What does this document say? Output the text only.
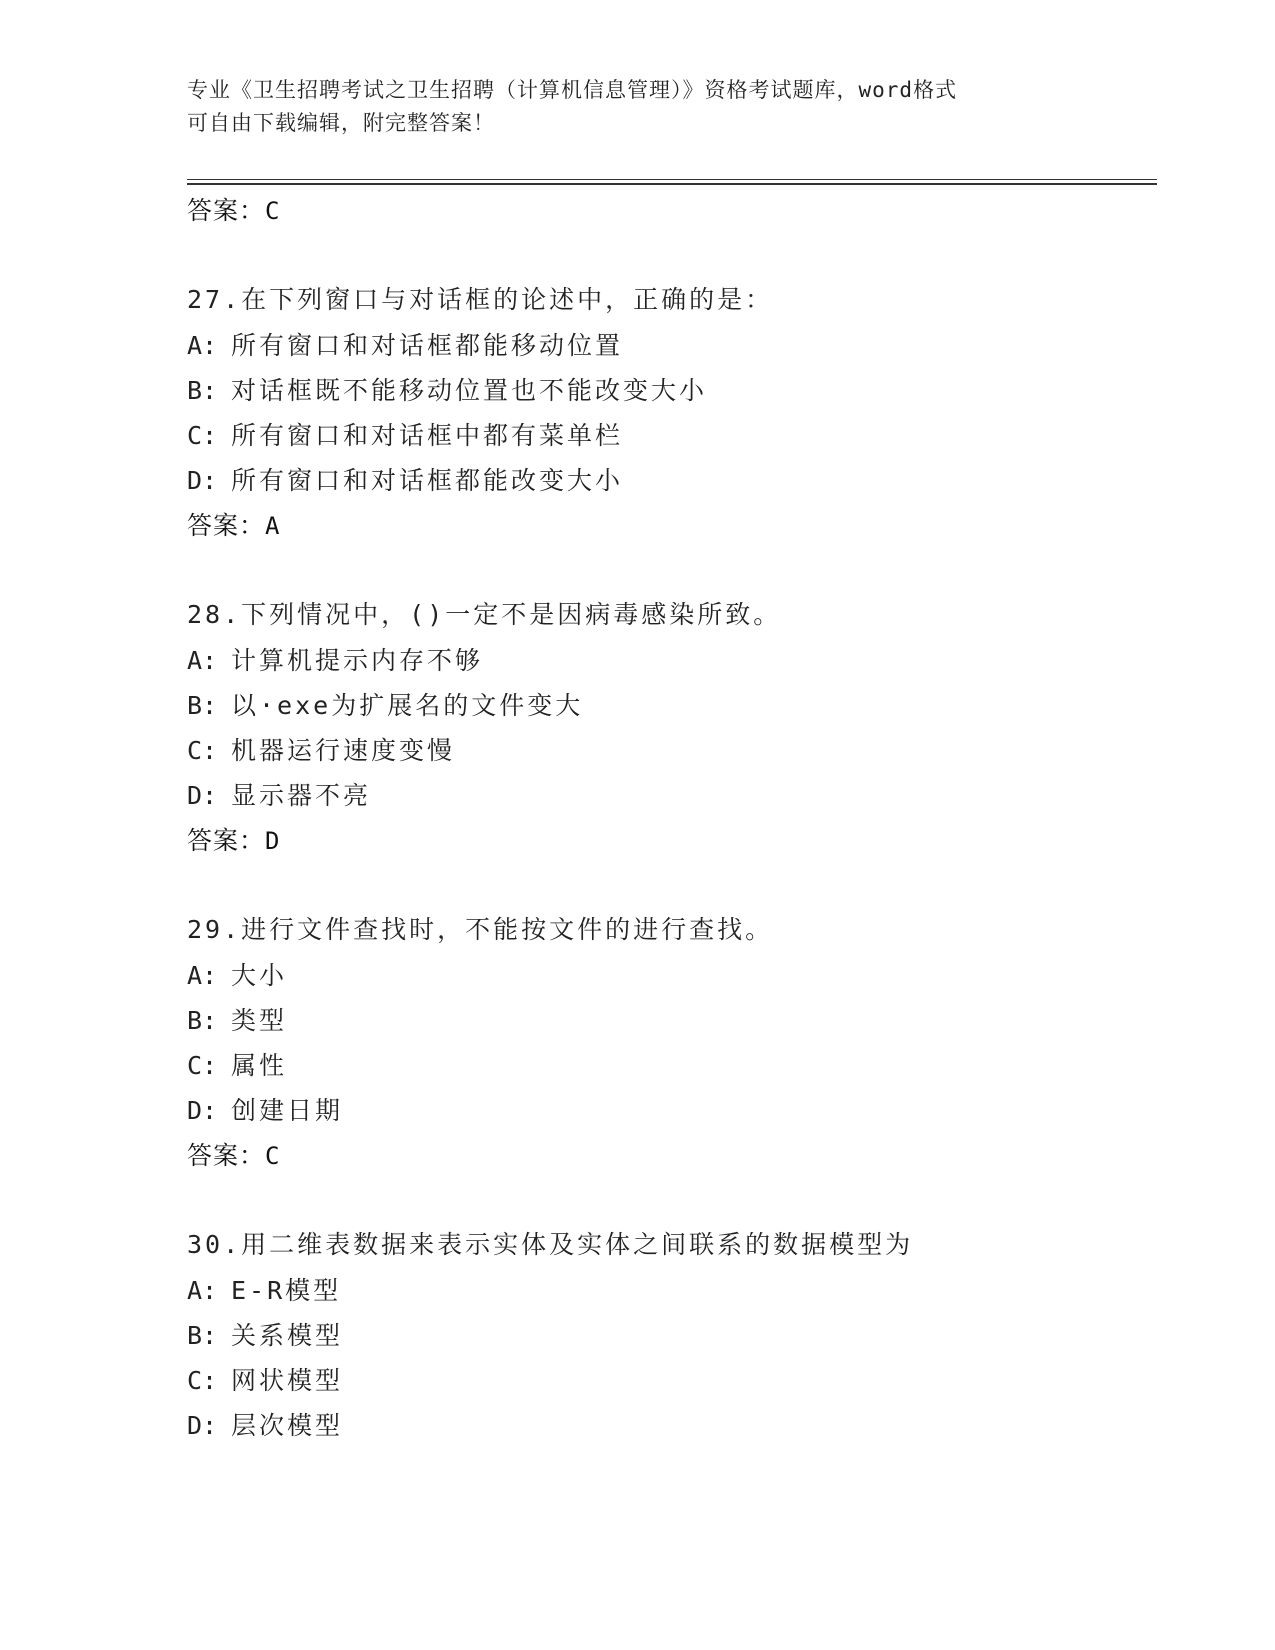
专业《卫生招聘考试之卫生招聘（计算机信息管理）》资格考试题库，word格式
可自由下载编辑，附完整答案！
答案：C
27.在下列窗口与对话框的论述中，正确的是：
A: 所有窗口和对话框都能移动位置
B: 对话框既不能移动位置也不能改变大小
C: 所有窗口和对话框中都有菜单栏
D: 所有窗口和对话框都能改变大小
答案：A
28.下列情况中，()一定不是因病毒感染所致。
A: 计算机提示内存不够
B: 以·exe为扩展名的文件变大
C: 机器运行速度变慢
D: 显示器不亮
答案：D
29.进行文件查找时，不能按文件的进行查找。
A: 大小
B: 类型
C: 属性
D: 创建日期
答案：C
30.用二维表数据来表示实体及实体之间联系的数据模型为
A: E-R模型
B: 关系模型
C: 网状模型
D: 层次模型
